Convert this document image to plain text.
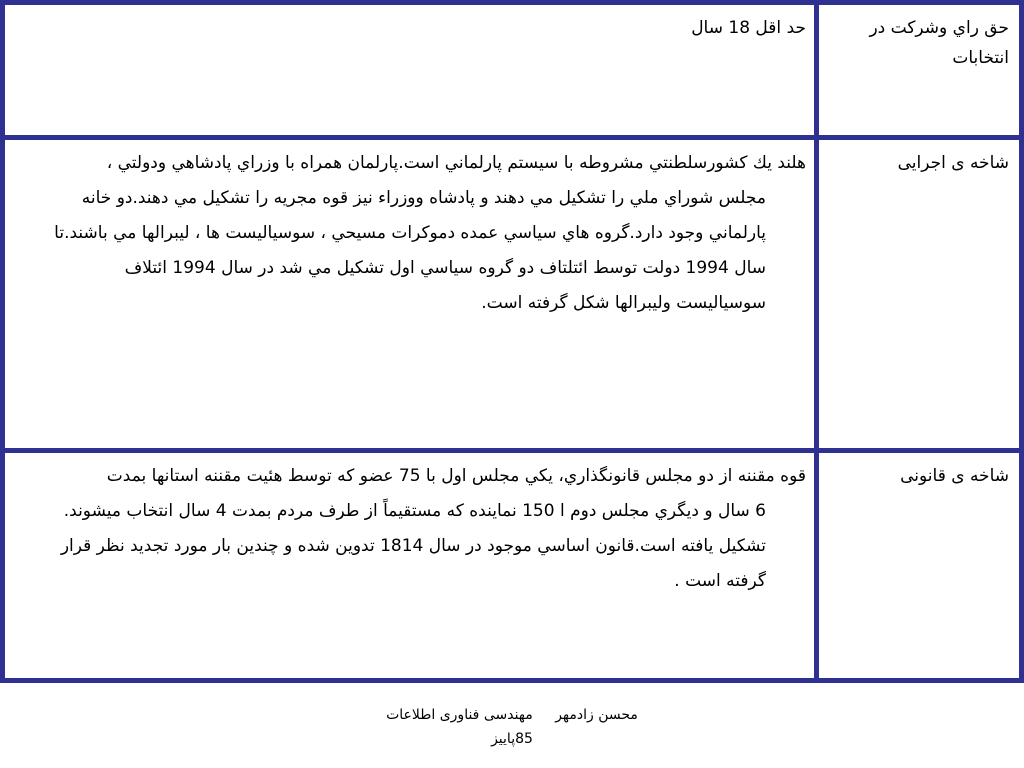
حق راي وشركت در انتخابات	حد اقل 18 سال

شاخه ی اجرایی	هلند يك كشورسلطنتي مشروطه با سيستم پارلماني است.پارلمان همراه با وزراي پادشاهي ودولتي ،
مجلس شوراي ملي را تشكيل مي دهند و پادشاه ووزراء نيز قوه مجريه را تشكيل مي دهند.دو خانه پارلماني وجود دارد.گروه هاي سياسي عمده دموكرات مسيحي ، سوسياليست ها ، ليبرالها مي باشند.تا سال 1994 دولت توسط ائتلتاف دو گروه سياسي اول تشكيل مي شد در سال 1994 ائتلاف سوسياليست وليبرالها شكل گرفته است.

شاخه ی قانونی	قوه مقننه از دو مجلس قانونگذاري، يكي مجلس اول با 75 عضو كه توسط هئيت مقننه استانها بمدت
6 سال و ديگري مجلس دوم ا 150 نماينده كه مستقيماً از طرف مردم بمدت 4 سال انتخاب ميشوند. تشكيل يافته است.قانون اساسي موجود در سال 1814 تدوين شده و چندين بار مورد تجديد نظر قرار گرفته است .
محسن زادمهر مهندسی فناوری اطلاعات
85پاییز
